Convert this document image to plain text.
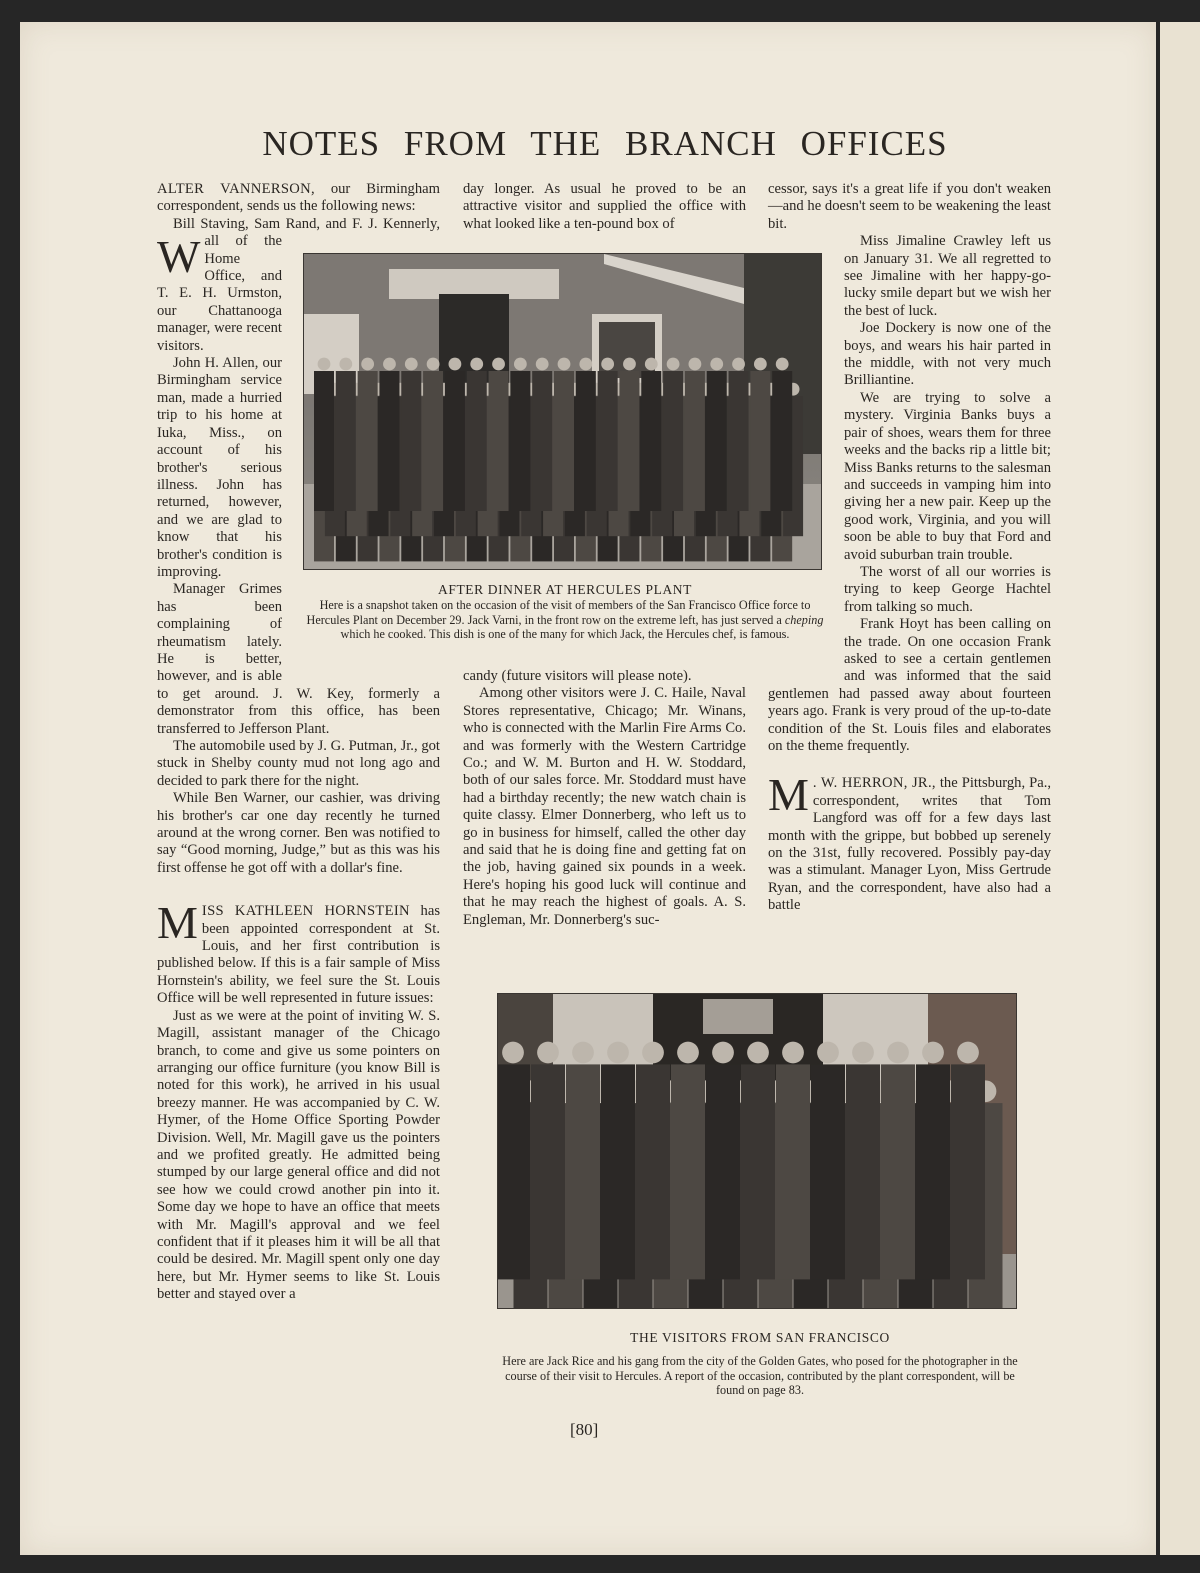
NOTES FROM THE BRANCH OFFICES

W
ALTER VANNERSON, our Birmingham correspondent, sends us the following news:

Bill Staving, Sam Rand, and F. J. Kennerly, all of the Home Office, and T. E. H. Urmston, our Chattanooga manager, were recent visitors.

John H. Allen, our Birmingham service man, made a hurried trip to his home at Iuka, Miss., on account of his brother's serious illness. John has returned, however, and we are glad to know that his brother's condition is improving.

Manager Grimes has been complaining of rheumatism lately. He is better, however, and is able to get around. J. W. Key, formerly a demonstrator from this office, has been transferred to Jefferson Plant.

The automobile used by J. G. Putman, Jr., got stuck in Shelby county mud not long ago and decided to park there for the night.

While Ben Warner, our cashier, was driving his brother's car one day recently he turned around at the wrong corner. Ben was notified to say “Good morning, Judge,” but as this was his first offense he got off with a dollar's fine.

MISS KATHLEEN HORNSTEIN has been appointed correspondent at St. Louis, and her first contribution is published below. If this is a fair sample of Miss Hornstein's ability, we feel sure the St. Louis Office will be well represented in future issues:

Just as we were at the point of inviting W. S. Magill, assistant manager of the Chicago branch, to come and give us some pointers on arranging our office furniture (you know Bill is noted for this work), he arrived in his usual breezy manner. He was accompanied by C. W. Hymer, of the Home Office Sporting Powder Division. Well, Mr. Magill gave us the pointers and we profited greatly. He admitted being stumped by our large general office and did not see how we could crowd another pin into it. Some day we hope to have an office that meets with Mr. Magill's approval and we feel confident that if it pleases him it will be all that could be desired. Mr. Magill spent only one day here, but Mr. Hymer seems to like St. Louis better and stayed over a

day longer. As usual he proved to be an attractive visitor and supplied the office with what looked like a ten-pound box of

candy (future visitors will please note).

Among other visitors were J. C. Haile, Naval Stores representative, Chicago; Mr. Winans, who is connected with the Marlin Fire Arms Co. and was formerly with the Western Cartridge Co.; and W. M. Burton and H. W. Stoddard, both of our sales force. Mr. Stoddard must have had a birthday recently; the new watch chain is quite classy. Elmer Donnerberg, who left us to go in business for himself, called the other day and said that he is doing fine and getting fat on the job, having gained six pounds in a week. Here's hoping his good luck will continue and that he may reach the highest of goals. A. S. Engleman, Mr. Donnerberg's suc-

cessor, says it's a great life if you don't weaken—and he doesn't seem to be weakening the least bit.

Miss Jimaline Crawley left us on January 31. We all regretted to see Jimaline with her happy-go-lucky smile depart but we wish her the best of luck.

Joe Dockery is now one of the boys, and wears his hair parted in the middle, with not very much Brilliantine.

We are trying to solve a mystery. Virginia Banks buys a pair of shoes, wears them for three weeks and the backs rip a little bit; Miss Banks returns to the salesman and succeeds in vamping him into giving her a new pair. Keep up the good work, Virginia, and you will soon be able to buy that Ford and avoid suburban train trouble.

The worst of all our worries is trying to keep George Hachtel from talking so much.

Frank Hoyt has been calling on the trade. On one occasion Frank asked to see a certain gentlemen and was informed that the said gentlemen had passed away about fourteen years ago. Frank is very proud of the up-to-date condition of the St. Louis files and elaborates on the theme frequently.

M . W. HERRON, JR., the Pittsburgh, Pa., correspondent, writes that Tom Langford was off for a few days last month with the grippe, but bobbed up serenely on the 31st, fully recovered. Possibly pay-day was a stimulant. Manager Lyon, Miss Gertrude Ryan, and the correspondent, have also had a battle

AFTER DINNER AT HERCULES PLANT

Here is a snapshot taken on the occasion of the visit of members of the San Francisco Office force to Hercules Plant on December 29. Jack Varni, in the front row on the extreme left, has just served a cheping which he cooked. This dish is one of the many for which Jack, the Hercules chef, is famous.

THE VISITORS FROM SAN FRANCISCO

Here are Jack Rice and his gang from the city of the Golden Gates, who posed for the photographer in the course of their visit to Hercules. A report of the occasion, contributed by the plant correspondent, will be found on page 83.

[80]
